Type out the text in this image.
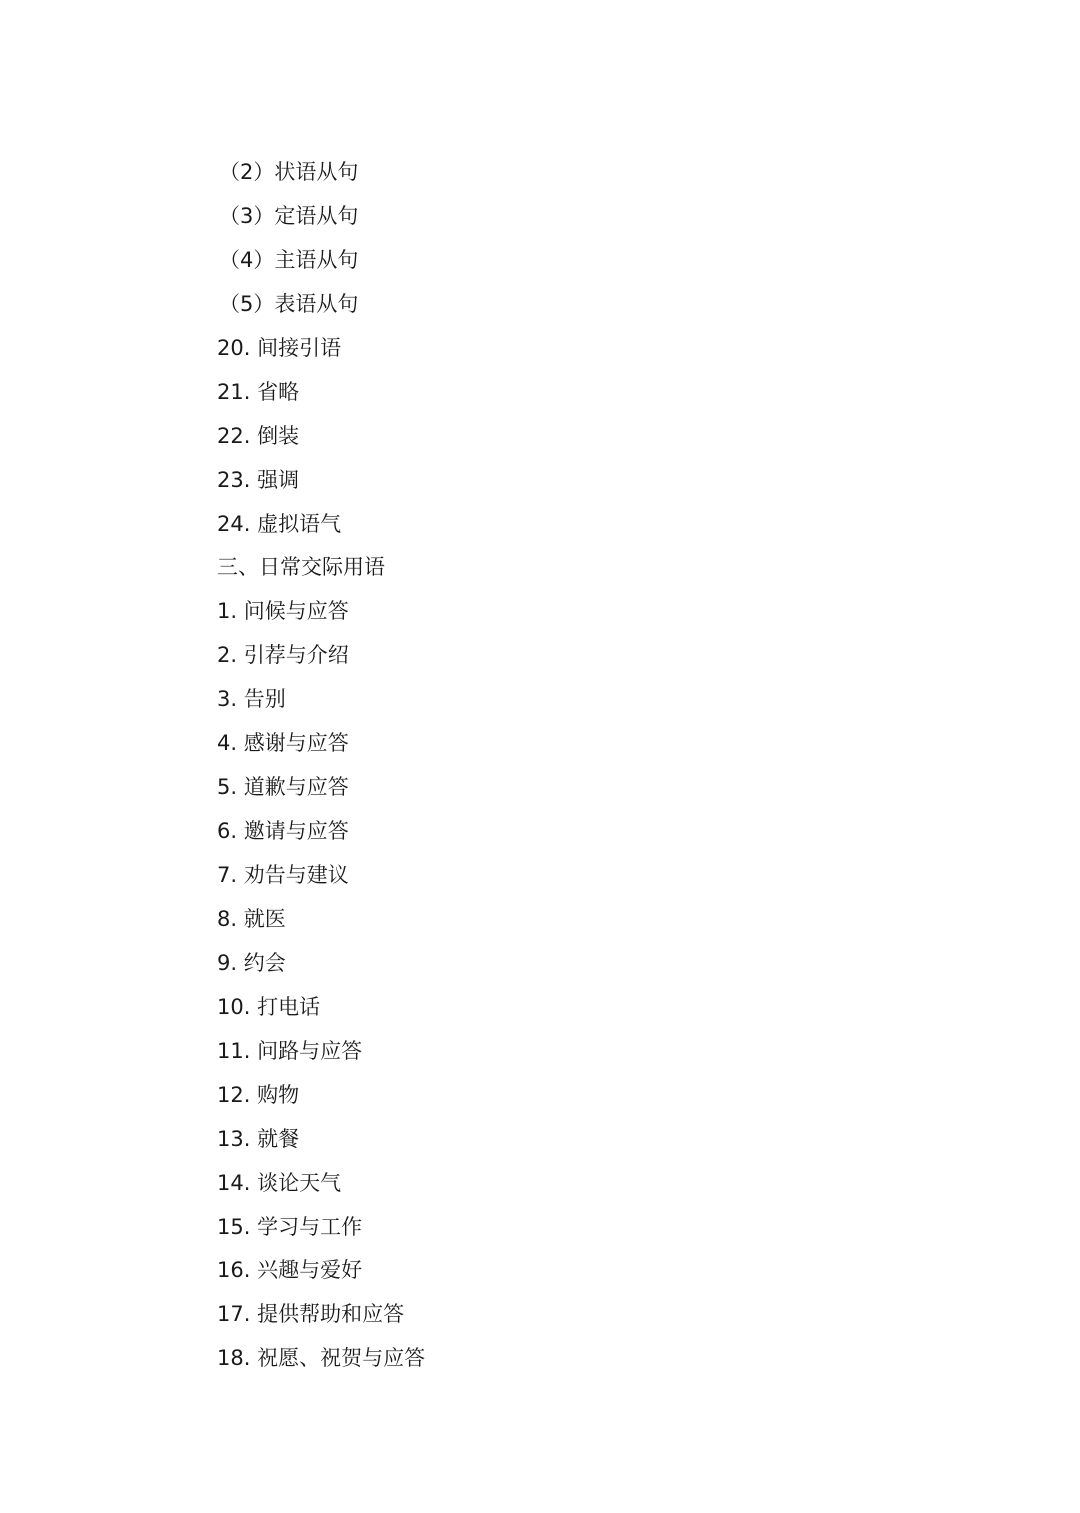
（2）状语从句
（3）定语从句
（4）主语从句
（5）表语从句
20. 间接引语
21. 省略
22. 倒装
23. 强调
24. 虚拟语气
三、日常交际用语
1. 问候与应答
2. 引荐与介绍
3. 告别
4. 感谢与应答
5. 道歉与应答
6. 邀请与应答
7. 劝告与建议
8. 就医
9. 约会
10. 打电话
11. 问路与应答
12. 购物
13. 就餐
14. 谈论天气
15. 学习与工作
16. 兴趣与爱好
17. 提供帮助和应答
18. 祝愿、祝贺与应答
